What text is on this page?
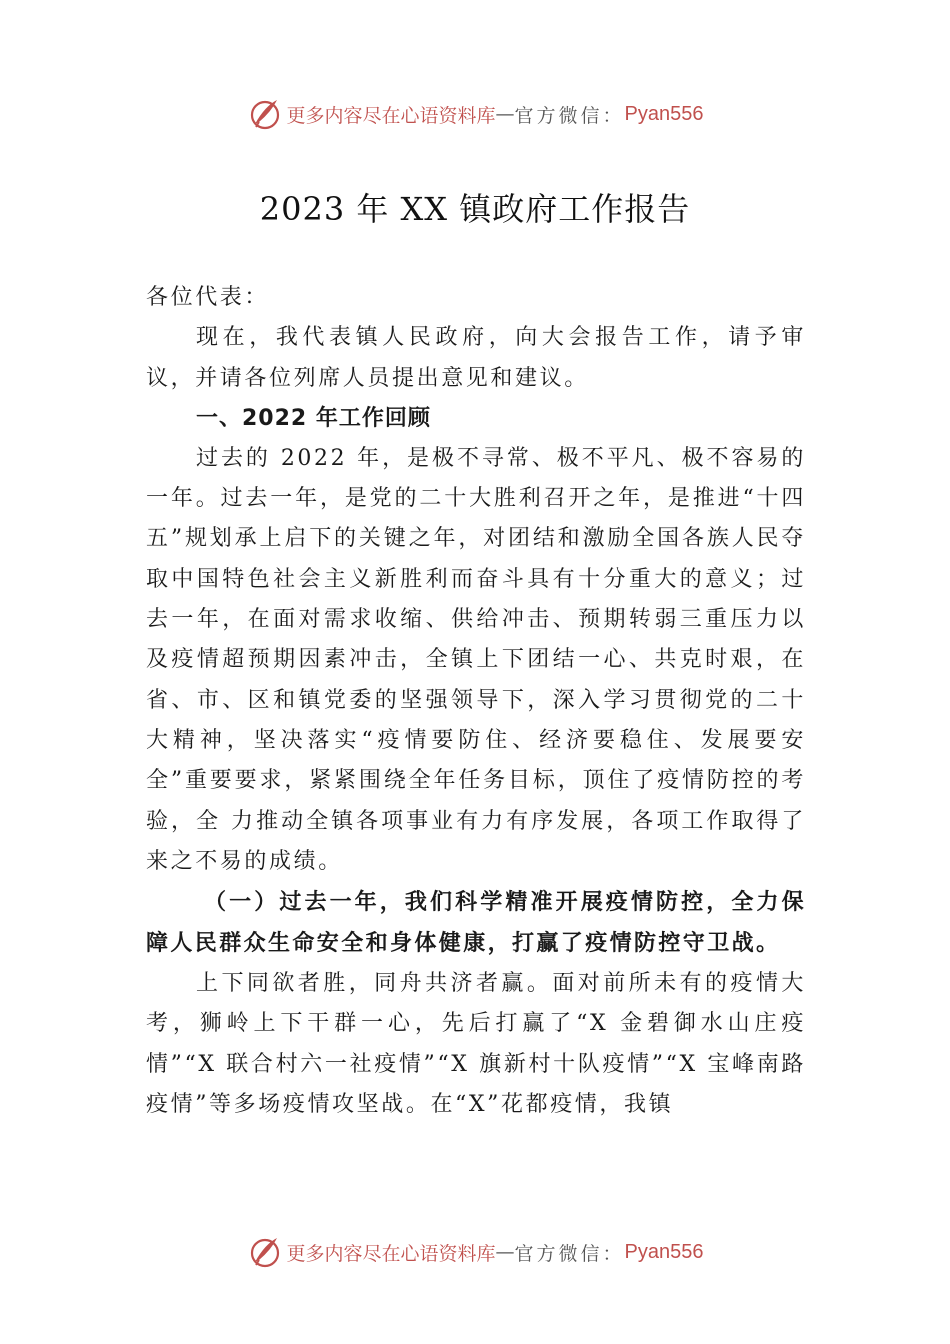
更多内容尽在心语资料库 — 官方微信： Pyan556
2023 年 XX 镇政府工作报告

各位代表：

现在，我代表镇人民政府，向大会报告工作，请予审议，并请各位列席人员提出意见和建议。

一、2022 年工作回顾

过去的 2022 年，是极不寻常、极不平凡、极不容易的一年。过去一年，是党的二十大胜利召开之年，是推进“十四五”规划承上启下的关键之年，对团结和激励全国各族人民夺取中国特色社会主义新胜利而奋斗具有十分重大的意义；过去一年，在面对需求收缩、供给冲击、预期转弱三重压力以及疫情超预期因素冲击，全镇上下团结一心、共克时艰，在省、市、区和镇党委的坚强领导下，深入学习贯彻党的二十大精神，坚决落实“疫情要防住、经济要稳住、发展要安全”重要要求，紧紧围绕全年任务目标，顶住了疫情防控的考验，全 力推动全镇各项事业有力有序发展，各项工作取得了来之不易的成绩。

（一）过去一年，我们科学精准开展疫情防控，全力保障人民群众生命安全和身体健康，打赢了疫情防控守卫战。

上下同欲者胜，同舟共济者赢。面对前所未有的疫情大考，狮岭上下干群一心，先后打赢了“X 金碧御水山庄疫情”“X 联合村六一社疫情”“X 旗新村十队疫情”“X 宝峰南路疫情”等多场疫情攻坚战。在“X”花都疫情，我镇

更多内容尽在心语资料库 — 官方微信： Pyan556
